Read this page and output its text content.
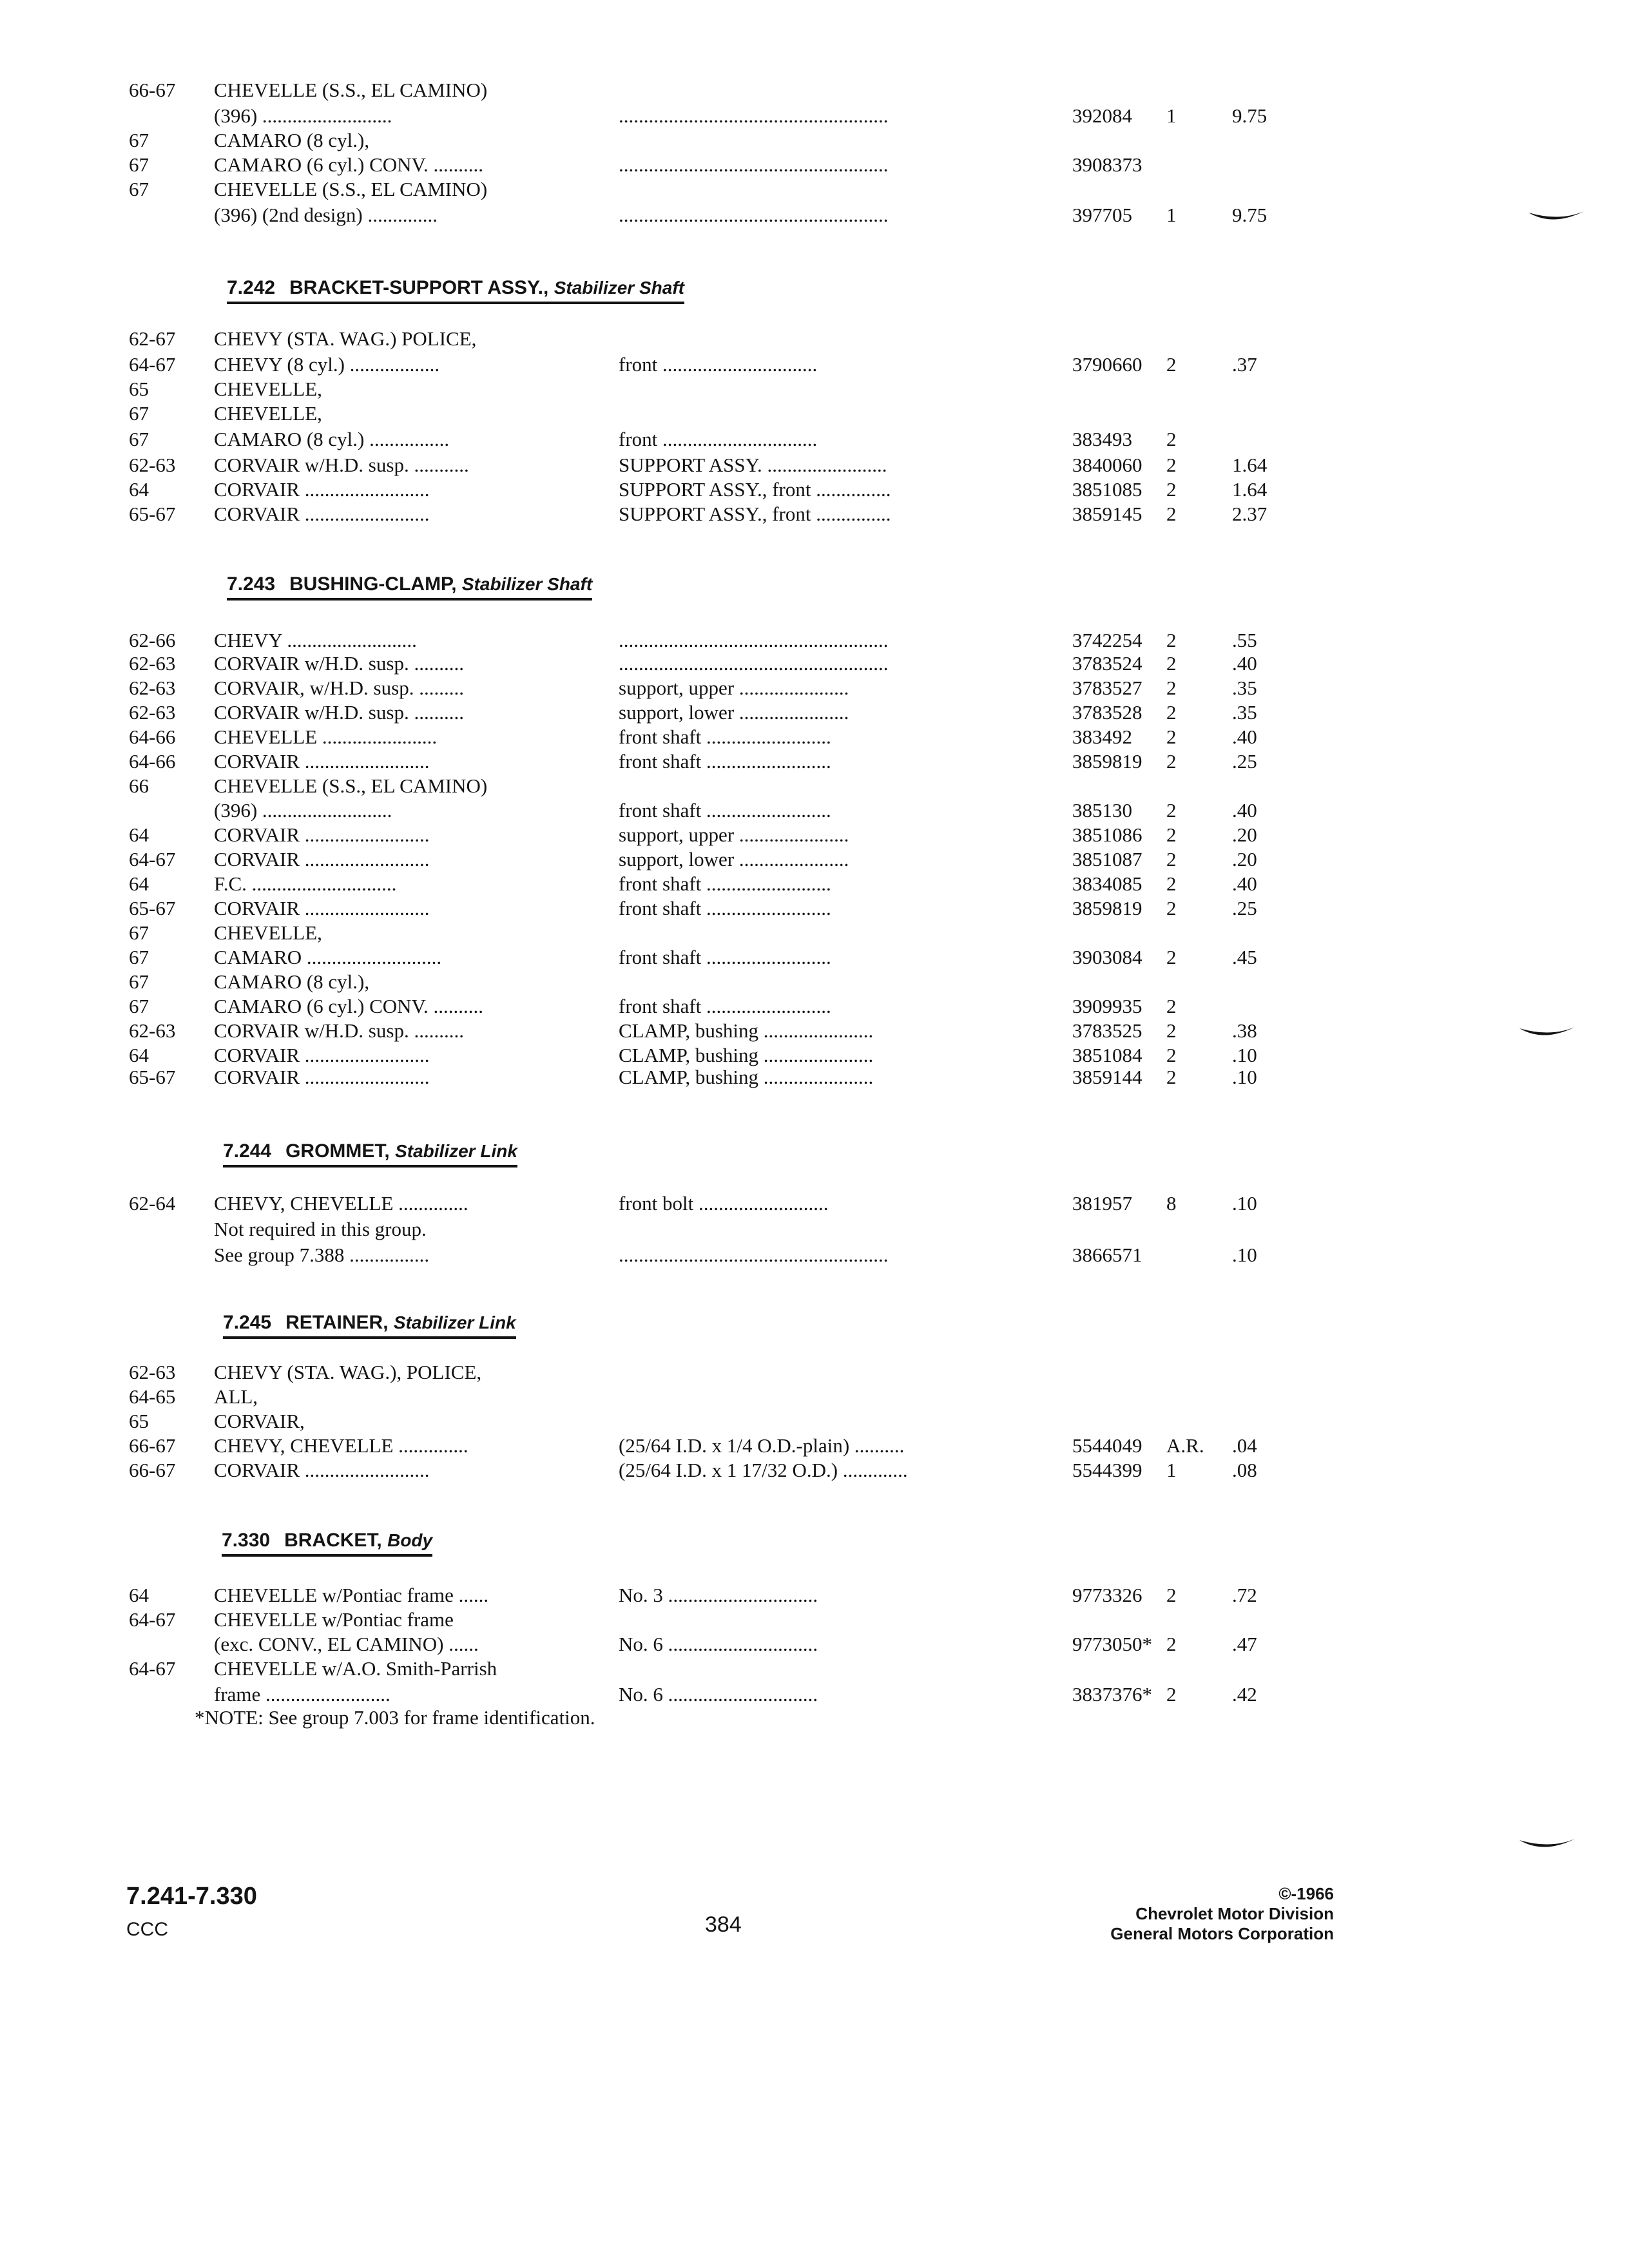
66-67 CHEVELLE (S.S., EL CAMINO)
(396) ..........................	......................................................	392084 1	9.75
67	CAMARO (8 cyl.),
67	CAMARO (6 cyl.) CONV. ..........	......................................................	3908373
67	CHEVELLE (S.S., EL CAMINO)
(396) (2nd design) ..............	......................................................	397705 1	9.75
7.242 BRACKET-SUPPORT ASSY., Stabilizer Shaft
62-67 CHEVY (STA. WAG.) POLICE,
64-67 CHEVY (8 cyl.) ..................	front ...............................	3790660 2	.37
65	CHEVELLE,
67	CHEVELLE,
67	CAMARO (8 cyl.) ................	front ...............................	383493 2
62-63 CORVAIR w/H.D. susp. ...........	SUPPORT ASSY. ........................	3840060 2	1.64
64	CORVAIR .........................	SUPPORT ASSY., front ...............	3851085 2	1.64
65-67 CORVAIR .........................	SUPPORT ASSY., front ...............	3859145 2	2.37
7.243 BUSHING-CLAMP, Stabilizer Shaft
62-66 CHEVY ..........................	......................................................	3742254 2	.55
62-63 CORVAIR w/H.D. susp. ..........	......................................................	3783524 2	.40
62-63 CORVAIR, w/H.D. susp. .........	support, upper ......................	3783527 2	.35
62-63 CORVAIR w/H.D. susp. ..........	support, lower ......................	3783528 2	.35
64-66 CHEVELLE .......................	front shaft .........................	383492 2	.40
64-66 CORVAIR .........................	front shaft .........................	3859819 2	.25
66	CHEVELLE (S.S., EL CAMINO)
(396) ..........................	front shaft .........................	385130 2	.40
64	CORVAIR .........................	support, upper ......................	3851086 2	.20
64-67 CORVAIR .........................	support, lower ......................	3851087 2	.20
64	F.C. .............................	front shaft .........................	3834085 2	.40
65-67 CORVAIR .........................	front shaft .........................	3859819 2	.25
67	CHEVELLE,
67	CAMARO ...........................	front shaft .........................	3903084 2	.45
67	CAMARO (8 cyl.),
67	CAMARO (6 cyl.) CONV. ..........	front shaft .........................	3909935 2
62-63 CORVAIR w/H.D. susp. ..........	CLAMP, bushing ......................	3783525 2	.38
64	CORVAIR .........................	CLAMP, bushing ......................	3851084 2	.10
65-67 CORVAIR .........................	CLAMP, bushing ......................	3859144 2	.10
7.244 GROMMET, Stabilizer Link
62-64 CHEVY, CHEVELLE ..............	front bolt ..........................	381957 8	.10
Not required in this group.
See group 7.388 ................	......................................................	3866571	.10
7.245 RETAINER, Stabilizer Link
62-63 CHEVY (STA. WAG.), POLICE,
64-65 ALL,
65	CORVAIR,
66-67 CHEVY, CHEVELLE ..............	(25/64 I.D. x 1/4 O.D.-plain) ..........	5544049 A.R. .04
66-67 CORVAIR .........................	(25/64 I.D. x 1 17/32 O.D.) .............	5544399 1	.08
7.330 BRACKET, Body
64	CHEVELLE w/Pontiac frame ......	No. 3 ..............................	9773326 2	.72
64-67 CHEVELLE w/Pontiac frame
(exc. CONV., EL CAMINO) ......	No. 6 ..............................	9773050* 2	.47
64-67 CHEVELLE w/A.O. Smith-Parrish
frame .........................	No. 6 ..............................	3837376* 2	.42
*NOTE: See group 7.003 for frame identification.
7.241-7.330
CCC	384
©-1966
Chevrolet Motor Division
General Motors Corporation
